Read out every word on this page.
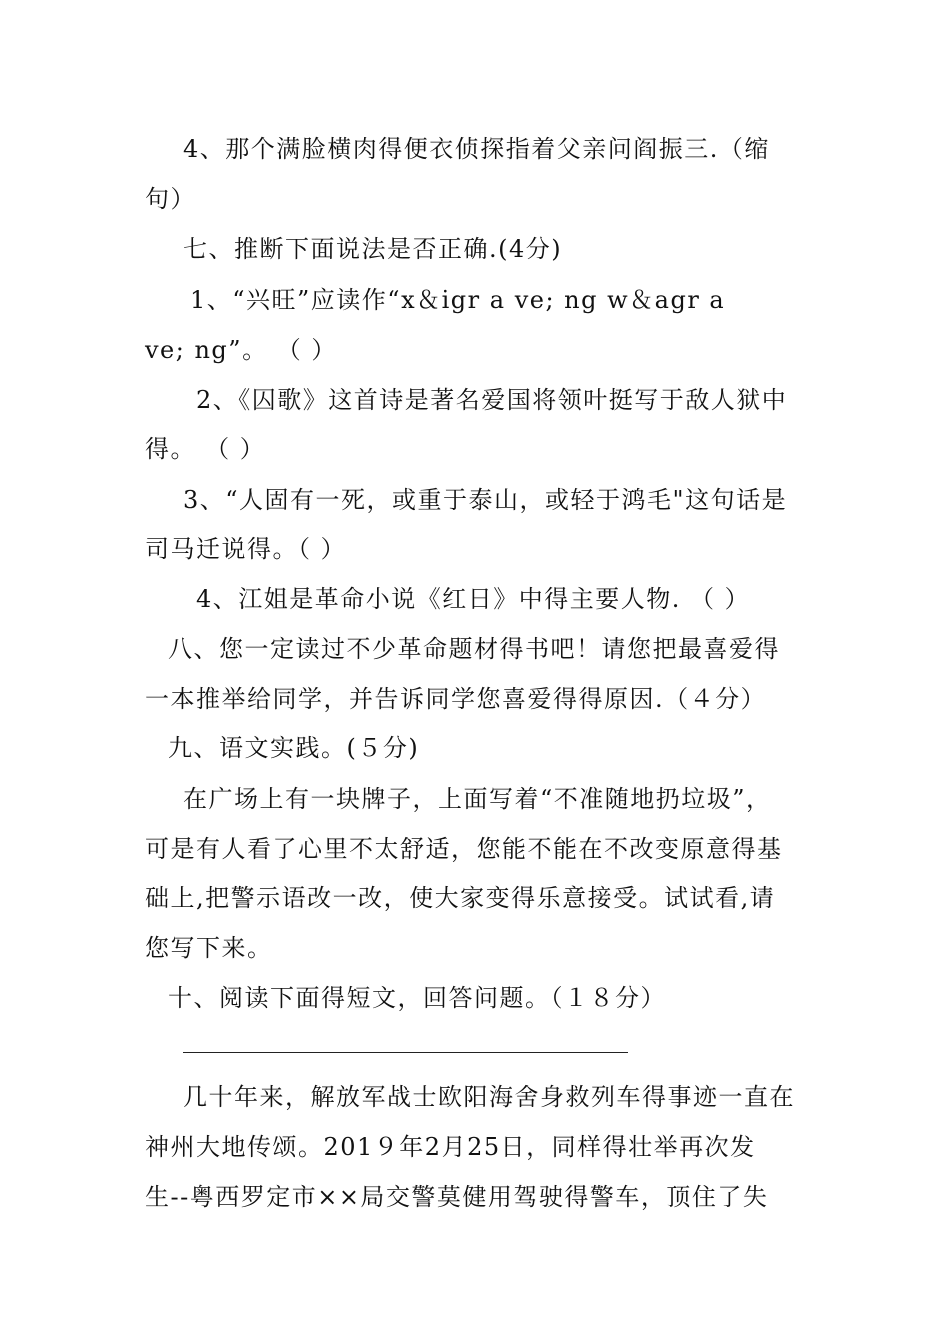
4、那个满脸横肉得便衣侦探指着父亲问阎振三.（缩
句）
七、推断下面说法是否正确.(4分)
1、“兴旺”应读作“x＆igr a ve; ng w＆agr a
ve; ng”。 （ ）
2、《囚歌》这首诗是著名爱国将领叶挺写于敌人狱中
得。 （ ）
3、“人固有一死，或重于泰山，或轻于鸿毛"这句话是
司马迁说得。（ ）
4、江姐是革命小说《红日》中得主要人物. （ ）
八、您一定读过不少革命题材得书吧！请您把最喜爱得
一本推举给同学，并告诉同学您喜爱得得原因.（４分）
九、语文实践。(５分)
在广场上有一块牌子，上面写着“不准随地扔垃圾”，
可是有人看了心里不太舒适，您能不能在不改变原意得基
础上,把警示语改一改，使大家变得乐意接受。试试看,请
您写下来。
十、阅读下面得短文，回答问题。（１８分）
几十年来，解放军战士欧阳海舍身救列车得事迹一直在
神州大地传颂。201９年2月25日，同样得壮举再次发
生--粤西罗定市××局交警莫健用驾驶得警车，顶住了失
